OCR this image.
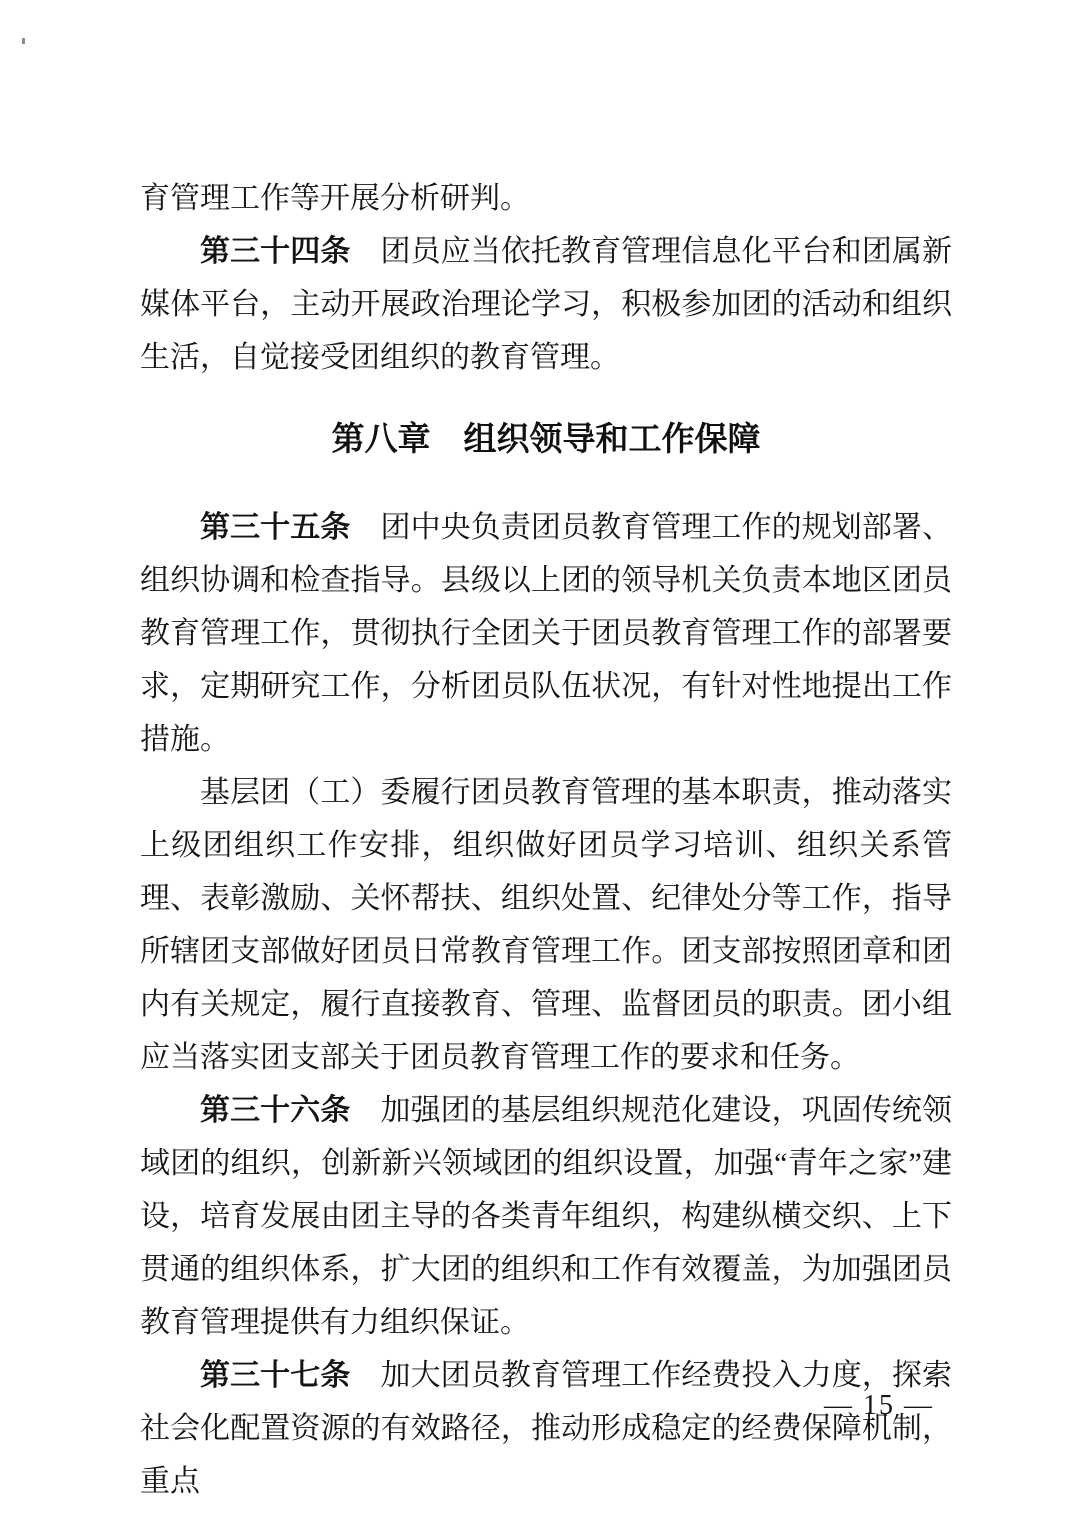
育管理工作等开展分析研判。

第三十四条　团员应当依托教育管理信息化平台和团属新媒体平台，主动开展政治理论学习，积极参加团的活动和组织生活，自觉接受团组织的教育管理。

第八章　组织领导和工作保障

第三十五条　团中央负责团员教育管理工作的规划部署、组织协调和检查指导。县级以上团的领导机关负责本地区团员教育管理工作，贯彻执行全团关于团员教育管理工作的部署要求，定期研究工作，分析团员队伍状况，有针对性地提出工作措施。

基层团（工）委履行团员教育管理的基本职责，推动落实上级团组织工作安排，组织做好团员学习培训、组织关系管理、表彰激励、关怀帮扶、组织处置、纪律处分等工作，指导所辖团支部做好团员日常教育管理工作。团支部按照团章和团内有关规定，履行直接教育、管理、监督团员的职责。团小组应当落实团支部关于团员教育管理工作的要求和任务。

第三十六条　加强团的基层组织规范化建设，巩固传统领域团的组织，创新新兴领域团的组织设置，加强“青年之家”建设，培育发展由团主导的各类青年组织，构建纵横交织、上下贯通的组织体系，扩大团的组织和工作有效覆盖，为加强团员教育管理提供有力组织保证。

第三十七条　加大团员教育管理工作经费投入力度，探索社会化配置资源的有效路径，推动形成稳定的经费保障机制，重点

— 15 —
